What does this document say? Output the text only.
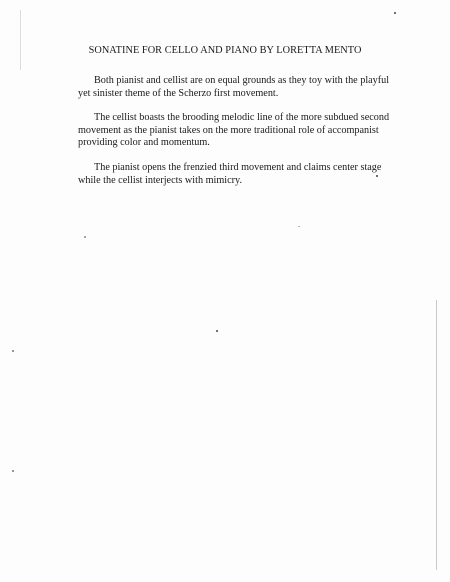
SONATINE FOR CELLO AND PIANO BY LORETTA MENTO
Both pianist and cellist are on equal grounds as they toy with the playful
yet sinister theme of the Scherzo first movement.
The cellist boasts the brooding melodic line of the more subdued second
movement as the pianist takes on the more traditional role of accompanist
providing color and momentum.
The pianist opens the frenzied third movement and claims center stage
while the cellist interjects with mimicry.
